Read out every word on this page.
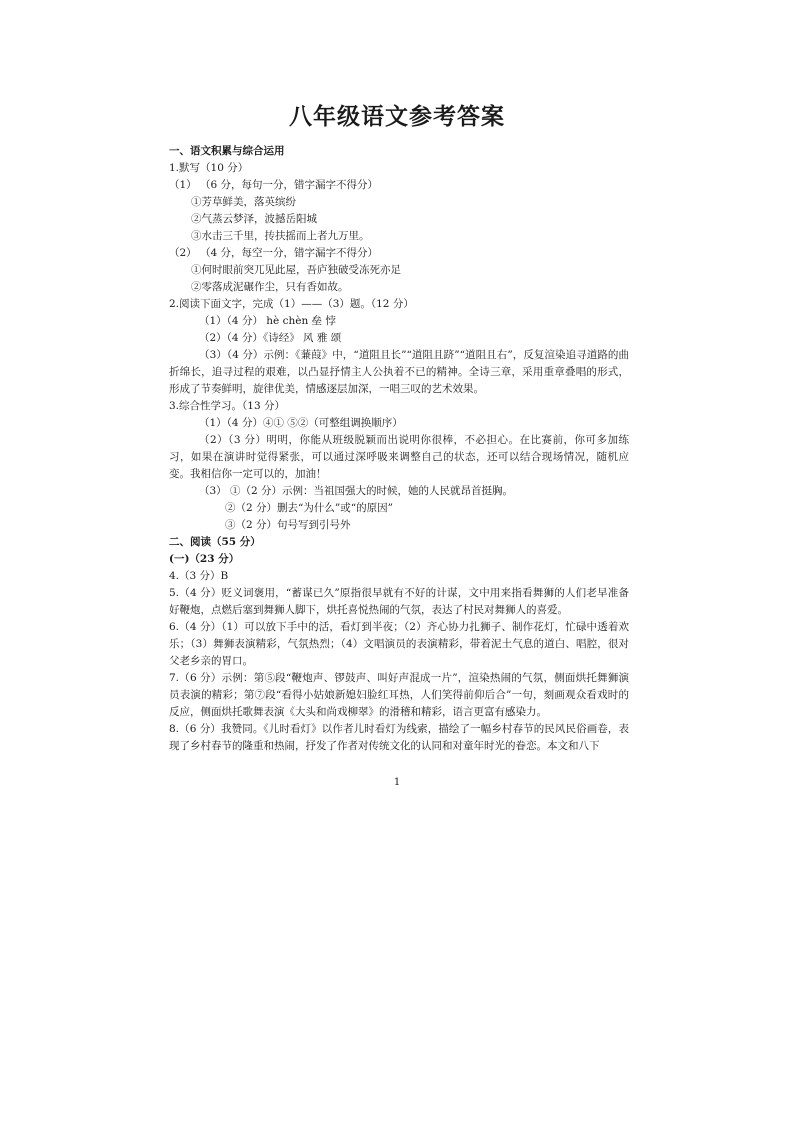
八年级语文参考答案
一、语文积累与综合运用
1.默写（10 分）
（1） （6 分，每句一分，错字漏字不得分）
①芳草鲜美，落英缤纷
②气蒸云梦泽，波撼岳阳城
③水击三千里，抟扶摇而上者九万里。
（2） （4 分，每空一分，错字漏字不得分）
①何时眼前突兀见此屋，吾庐独破受冻死亦足
②零落成泥碾作尘，只有香如故。
2.阅读下面文字，完成（1）——（3）题。（12 分）
（1）（4 分） hè chèn 垒 悖
（2）（4 分）《诗经》 风 雅 颂
（3）（4 分）示例：《蒹葭》中，“道阻且长”“道阻且跻”“道阻且右”，反复渲染追寻道路的曲折绵长，追寻过程的艰难，以凸显抒情主人公执着不已的精神。全诗三章，采用重章叠唱的形式，形成了节奏鲜明，旋律优美，情感逐层加深，一唱三叹的艺术效果。
3.综合性学习。（13 分）
（1）（4 分）④① ⑤②（可整组调换顺序）
（2）（3 分）明明，你能从班级脱颖而出说明你很棒，不必担心。在比赛前，你可多加练习，如果在演讲时觉得紧张，可以通过深呼吸来调整自己的状态，还可以结合现场情况，随机应变。我相信你一定可以的，加油！
（3） ①（2 分）示例：当祖国强大的时候，她的人民就昂首挺胸。
②（2 分）删去“为什么”或“的原因”
③（2 分）句号写到引号外
二、阅读（55 分）
(一)（23 分）
4.（3 分）B
5.（4 分）贬义词褒用，“蓄谋已久”原指很早就有不好的计谋，文中用来指看舞狮的人们老早准备好鞭炮，点燃后塞到舞狮人脚下，烘托喜悦热闹的气氛，表达了村民对舞狮人的喜爱。
6.（4 分）（1）可以放下手中的活，看灯到半夜；（2）齐心协力扎狮子、制作花灯，忙碌中透着欢乐；（3）舞狮表演精彩，气氛热烈；（4）文唱演员的表演精彩，带着泥土气息的道白、唱腔，很对父老乡亲的胃口。
7.（6 分）示例：第⑤段“鞭炮声、锣鼓声、叫好声混成一片”，渲染热闹的气氛，侧面烘托舞狮演员表演的精彩；第⑦段“看得小姑娘新媳妇脸红耳热，人们笑得前仰后合”一句，刻画观众看戏时的反应，侧面烘托歌舞表演《大头和尚戏柳翠》的滑稽和精彩，语言更富有感染力。
8.（6 分）我赞同。《儿时看灯》以作者儿时看灯为线索，描绘了一幅乡村春节的民风民俗画卷，表现了乡村春节的隆重和热闹，抒发了作者对传统文化的认同和对童年时光的眷恋。本文和八下
1
